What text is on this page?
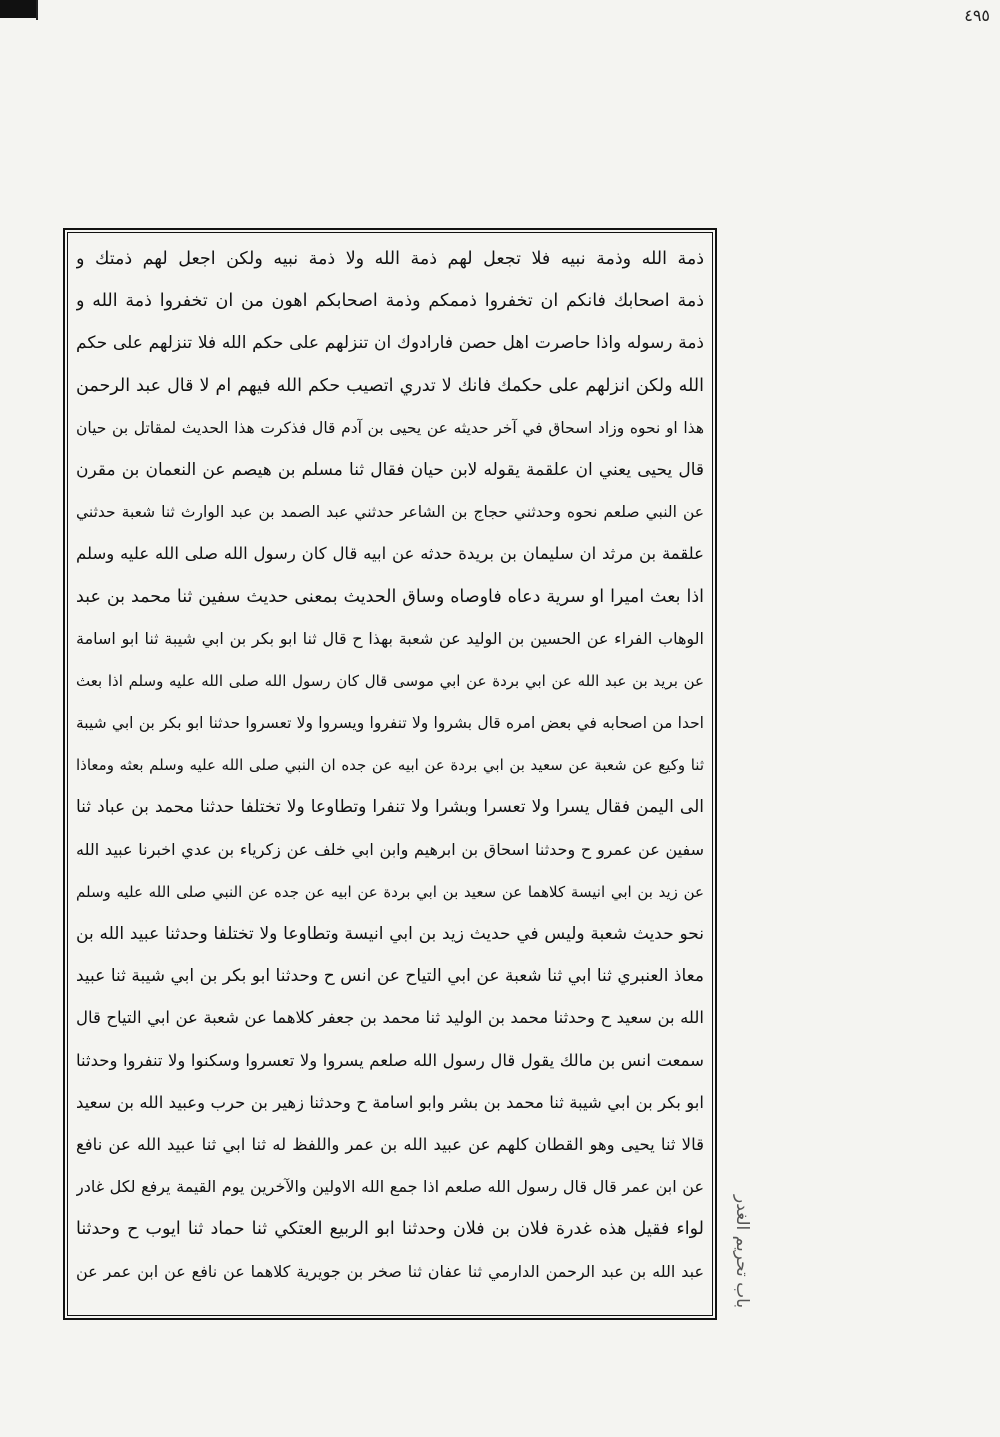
٤٩٥
ذمة الله وذمة نبيه فلا تجعل لهم ذمة الله ولا ذمة نبيه ولكن اجعل لهم ذمتك و
ذمة اصحابك فانكم ان تخفروا ذممكم وذمة اصحابكم اهون من ان تخفروا ذمة الله و
ذمة رسوله واذا حاصرت اهل حصن فارادوك ان تنزلهم على حكم الله فلا تنزلهم على حكم
الله ولكن انزلهم على حكمك فانك لا تدري اتصيب حكم الله فيهم ام لا قال عبد الرحمن
هذا او نحوه وزاد اسحاق في آخر حديثه عن يحيى بن آدم قال فذكرت هذا الحديث لمقاتل بن حيان
قال يحيى يعني ان علقمة يقوله لابن حيان فقال ثنا مسلم بن هيصم عن النعمان بن مقرن
عن النبي صلعم نحوه وحدثني حجاج بن الشاعر حدثني عبد الصمد بن عبد الوارث ثنا شعبة حدثني
علقمة بن مرثد ان سليمان بن بريدة حدثه عن ابيه قال كان رسول الله صلى الله عليه وسلم
اذا بعث اميرا او سرية دعاه فاوصاه وساق الحديث بمعنى حديث سفين ثنا محمد بن عبد
الوهاب الفراء عن الحسين بن الوليد عن شعبة بهذا ح قال ثنا ابو بكر بن ابي شيبة ثنا ابو اسامة
عن بريد بن عبد الله عن ابي بردة عن ابي موسى قال كان رسول الله صلى الله عليه وسلم اذا بعث
احدا من اصحابه في بعض امره قال بشروا ولا تنفروا ويسروا ولا تعسروا حدثنا ابو بكر بن ابي شيبة
ثنا وكيع عن شعبة عن سعيد بن ابي بردة عن ابيه عن جده ان النبي صلى الله عليه وسلم بعثه ومعاذا
الى اليمن فقال يسرا ولا تعسرا وبشرا ولا تنفرا وتطاوعا ولا تختلفا حدثنا محمد بن عباد ثنا
سفين عن عمرو ح وحدثنا اسحاق بن ابرهيم وابن ابي خلف عن زكرياء بن عدي اخبرنا عبيد الله
عن زيد بن ابي انيسة كلاهما عن سعيد بن ابي بردة عن ابيه عن جده عن النبي صلى الله عليه وسلم
نحو حديث شعبة وليس في حديث زيد بن ابي انيسة وتطاوعا ولا تختلفا وحدثنا عبيد الله بن
معاذ العنبري ثنا ابي ثنا شعبة عن ابي التياح عن انس ح وحدثنا ابو بكر بن ابي شيبة ثنا عبيد
الله بن سعيد ح وحدثنا محمد بن الوليد ثنا محمد بن جعفر كلاهما عن شعبة عن ابي التياح قال
سمعت انس بن مالك يقول قال رسول الله صلعم يسروا ولا تعسروا وسكنوا ولا تنفروا وحدثنا
ابو بكر بن ابي شيبة ثنا محمد بن بشر وابو اسامة ح وحدثنا زهير بن حرب وعبيد الله بن سعيد
قالا ثنا يحيى وهو القطان كلهم عن عبيد الله بن عمر واللفظ له ثنا ابي ثنا عبيد الله عن نافع
عن ابن عمر قال قال رسول الله صلعم اذا جمع الله الاولين والآخرين يوم القيمة يرفع لكل غادر
لواء فقيل هذه غدرة فلان بن فلان وحدثنا ابو الربيع العتكي ثنا حماد ثنا ايوب ح وحدثنا
عبد الله بن عبد الرحمن الدارمي ثنا عفان ثنا صخر بن جويرية كلاهما عن نافع عن ابن عمر عن	باب تحريم الغدر
